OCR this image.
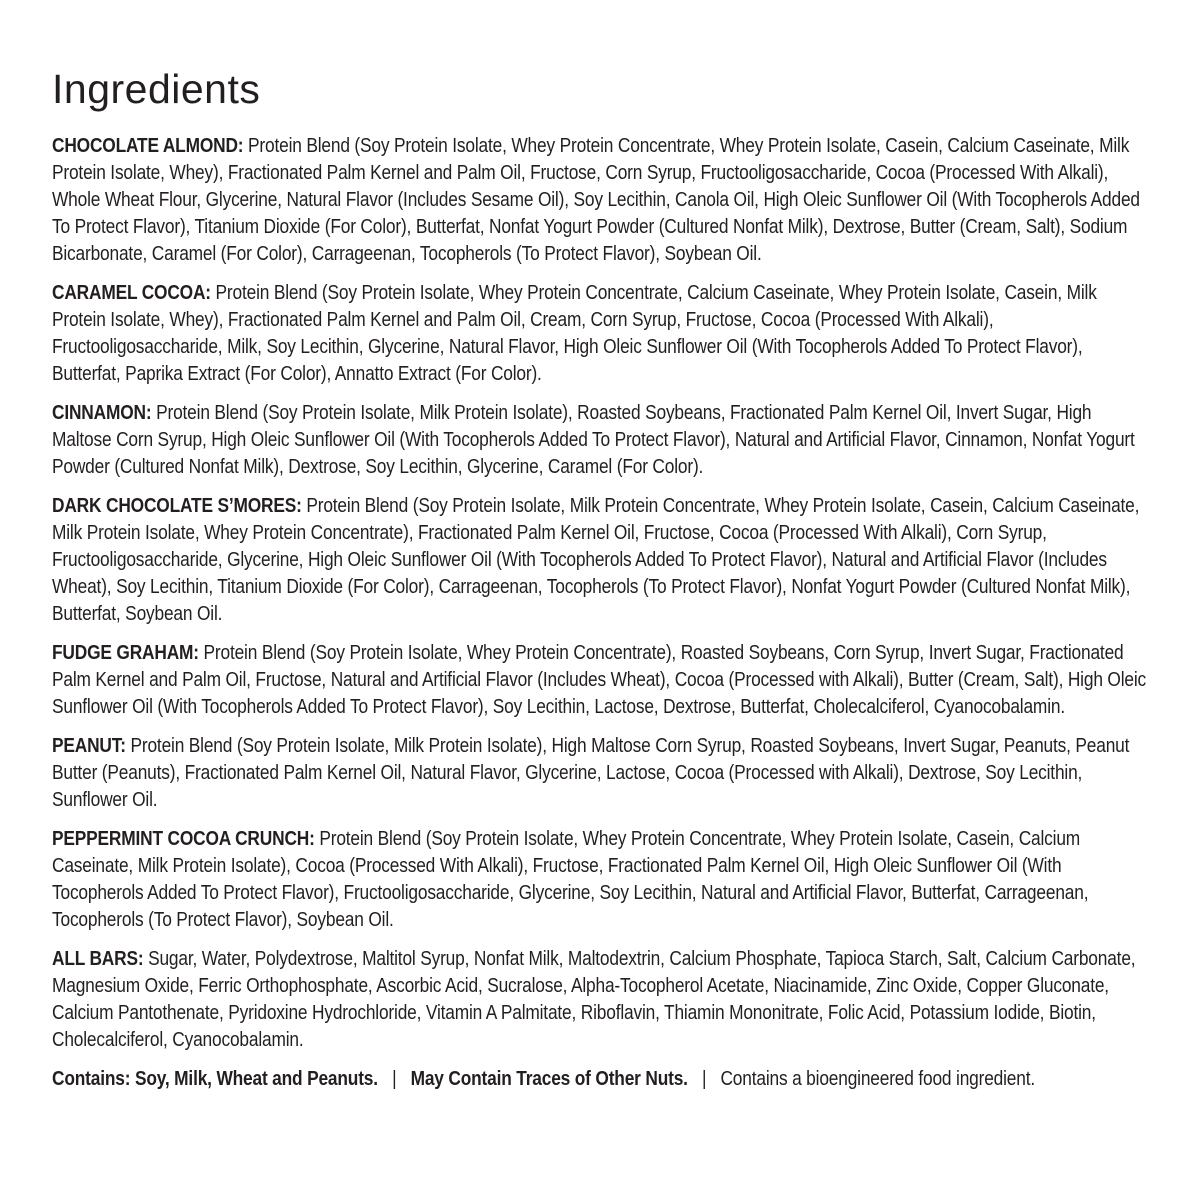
Ingredients

CHOCOLATE ALMOND: Protein Blend (Soy Protein Isolate, Whey Protein Concentrate, Whey Protein Isolate, Casein, Calcium Caseinate, Milk Protein Isolate, Whey), Fractionated Palm Kernel and Palm Oil, Fructose, Corn Syrup, Fructooligosaccharide, Cocoa (Processed With Alkali), Whole Wheat Flour, Glycerine, Natural Flavor (Includes Sesame Oil), Soy Lecithin, Canola Oil, High Oleic Sunflower Oil (With Tocopherols Added To Protect Flavor), Titanium Dioxide (For Color), Butterfat, Nonfat Yogurt Powder (Cultured Nonfat Milk), Dextrose, Butter (Cream, Salt), Sodium Bicarbonate, Caramel (For Color), Carrageenan, Tocopherols (To Protect Flavor), Soybean Oil.

CARAMEL COCOA: Protein Blend (Soy Protein Isolate, Whey Protein Concentrate, Calcium Caseinate, Whey Protein Isolate, Casein, Milk Protein Isolate, Whey), Fractionated Palm Kernel and Palm Oil, Cream, Corn Syrup, Fructose, Cocoa (Processed With Alkali), Fructooligosaccharide, Milk, Soy Lecithin, Glycerine, Natural Flavor, High Oleic Sunflower Oil (With Tocopherols Added To Protect Flavor), Butterfat, Paprika Extract (For Color), Annatto Extract (For Color).

CINNAMON: Protein Blend (Soy Protein Isolate, Milk Protein Isolate), Roasted Soybeans, Fractionated Palm Kernel Oil, Invert Sugar, High Maltose Corn Syrup, High Oleic Sunflower Oil (With Tocopherols Added To Protect Flavor), Natural and Artificial Flavor, Cinnamon, Nonfat Yogurt Powder (Cultured Nonfat Milk), Dextrose, Soy Lecithin, Glycerine, Caramel (For Color).

DARK CHOCOLATE S’MORES: Protein Blend (Soy Protein Isolate, Milk Protein Concentrate, Whey Protein Isolate, Casein, Calcium Caseinate, Milk Protein Isolate, Whey Protein Concentrate), Fractionated Palm Kernel Oil, Fructose, Cocoa (Processed With Alkali), Corn Syrup, Fructooligosaccharide, Glycerine, High Oleic Sunflower Oil (With Tocopherols Added To Protect Flavor), Natural and Artificial Flavor (Includes Wheat), Soy Lecithin, Titanium Dioxide (For Color), Carrageenan, Tocopherols (To Protect Flavor), Nonfat Yogurt Powder (Cultured Nonfat Milk), Butterfat, Soybean Oil.

FUDGE GRAHAM: Protein Blend (Soy Protein Isolate, Whey Protein Concentrate), Roasted Soybeans, Corn Syrup, Invert Sugar, Fractionated Palm Kernel and Palm Oil, Fructose, Natural and Artificial Flavor (Includes Wheat), Cocoa (Processed with Alkali), Butter (Cream, Salt), High Oleic Sunflower Oil (With Tocopherols Added To Protect Flavor), Soy Lecithin, Lactose, Dextrose, Butterfat, Cholecalciferol, Cyanocobalamin.

PEANUT: Protein Blend (Soy Protein Isolate, Milk Protein Isolate), High Maltose Corn Syrup, Roasted Soybeans, Invert Sugar, Peanuts, Peanut Butter (Peanuts), Fractionated Palm Kernel Oil, Natural Flavor, Glycerine, Lactose, Cocoa (Processed with Alkali), Dextrose, Soy Lecithin, Sunflower Oil.

PEPPERMINT COCOA CRUNCH: Protein Blend (Soy Protein Isolate, Whey Protein Concentrate, Whey Protein Isolate, Casein, Calcium Caseinate, Milk Protein Isolate), Cocoa (Processed With Alkali), Fructose, Fractionated Palm Kernel Oil, High Oleic Sunflower Oil (With Tocopherols Added To Protect Flavor), Fructooligosaccharide, Glycerine, Soy Lecithin, Natural and Artificial Flavor, Butterfat, Carrageenan, Tocopherols (To Protect Flavor), Soybean Oil.

ALL BARS: Sugar, Water, Polydextrose, Maltitol Syrup, Nonfat Milk, Maltodextrin, Calcium Phosphate, Tapioca Starch, Salt, Calcium Carbonate, Magnesium Oxide, Ferric Orthophosphate, Ascorbic Acid, Sucralose, Alpha-Tocopherol Acetate, Niacinamide, Zinc Oxide, Copper Gluconate, Calcium Pantothenate, Pyridoxine Hydrochloride, Vitamin A Palmitate, Riboflavin, Thiamin Mononitrate, Folic Acid, Potassium Iodide, Biotin, Cholecalciferol, Cyanocobalamin.

Contains: Soy, Milk, Wheat and Peanuts. | May Contain Traces of Other Nuts. | Contains a bioengineered food ingredient.
